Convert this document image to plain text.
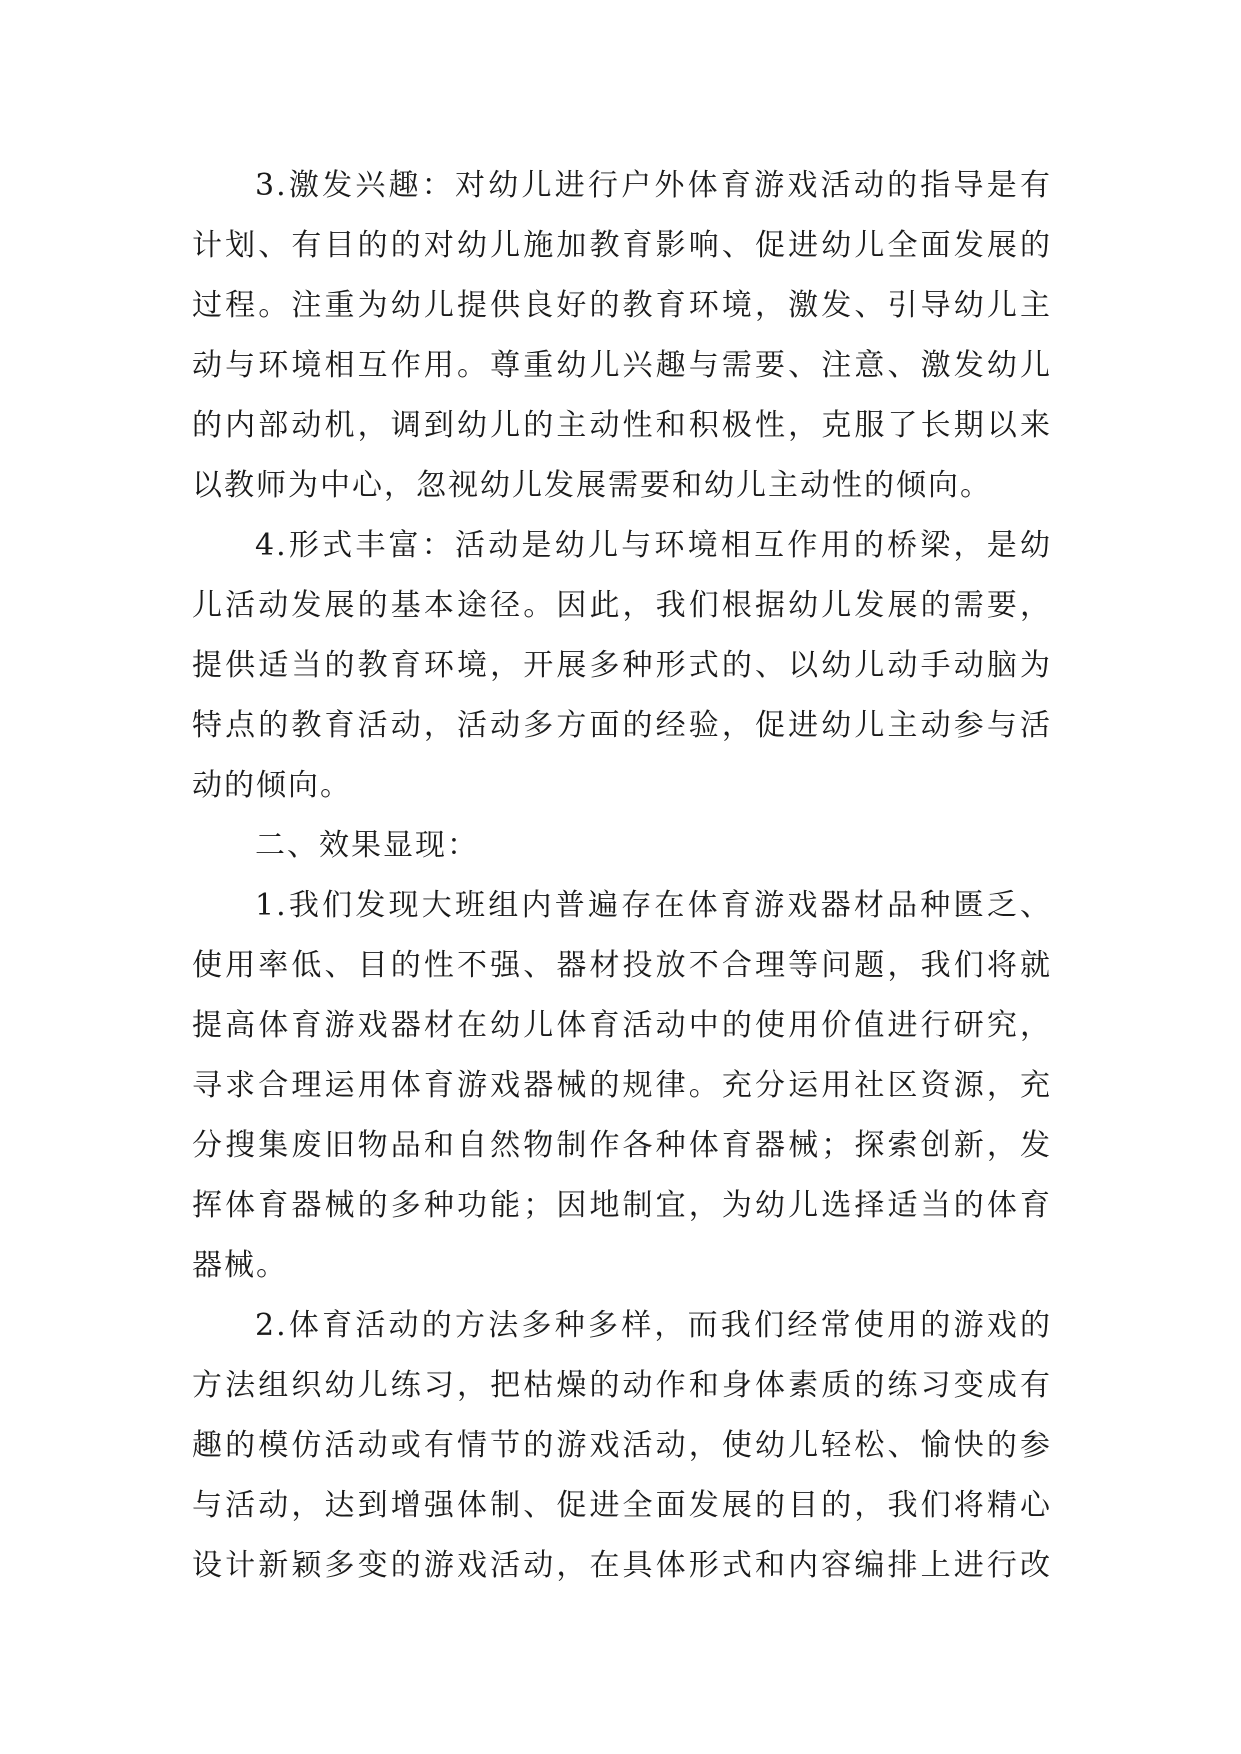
3.激发兴趣：对幼儿进行户外体育游戏活动的指导是有
计划、有目的的对幼儿施加教育影响、促进幼儿全面发展的
过程。注重为幼儿提供良好的教育环境，激发、引导幼儿主
动与环境相互作用。尊重幼儿兴趣与需要、注意、激发幼儿
的内部动机，调到幼儿的主动性和积极性，克服了长期以来
以教师为中心，忽视幼儿发展需要和幼儿主动性的倾向。
4.形式丰富：活动是幼儿与环境相互作用的桥梁，是幼
儿活动发展的基本途径。因此，我们根据幼儿发展的需要，
提供适当的教育环境，开展多种形式的、以幼儿动手动脑为
特点的教育活动，活动多方面的经验，促进幼儿主动参与活
动的倾向。
二、效果显现：
1.我们发现大班组内普遍存在体育游戏器材品种匮乏、
使用率低、目的性不强、器材投放不合理等问题，我们将就
提高体育游戏器材在幼儿体育活动中的使用价值进行研究，
寻求合理运用体育游戏器械的规律。充分运用社区资源，充
分搜集废旧物品和自然物制作各种体育器械；探索创新，发
挥体育器械的多种功能；因地制宜，为幼儿选择适当的体育
器械。
2.体育活动的方法多种多样，而我们经常使用的游戏的
方法组织幼儿练习，把枯燥的动作和身体素质的练习变成有
趣的模仿活动或有情节的游戏活动，使幼儿轻松、愉快的参
与活动，达到增强体制、促进全面发展的目的，我们将精心
设计新颖多变的游戏活动，在具体形式和内容编排上进行改
